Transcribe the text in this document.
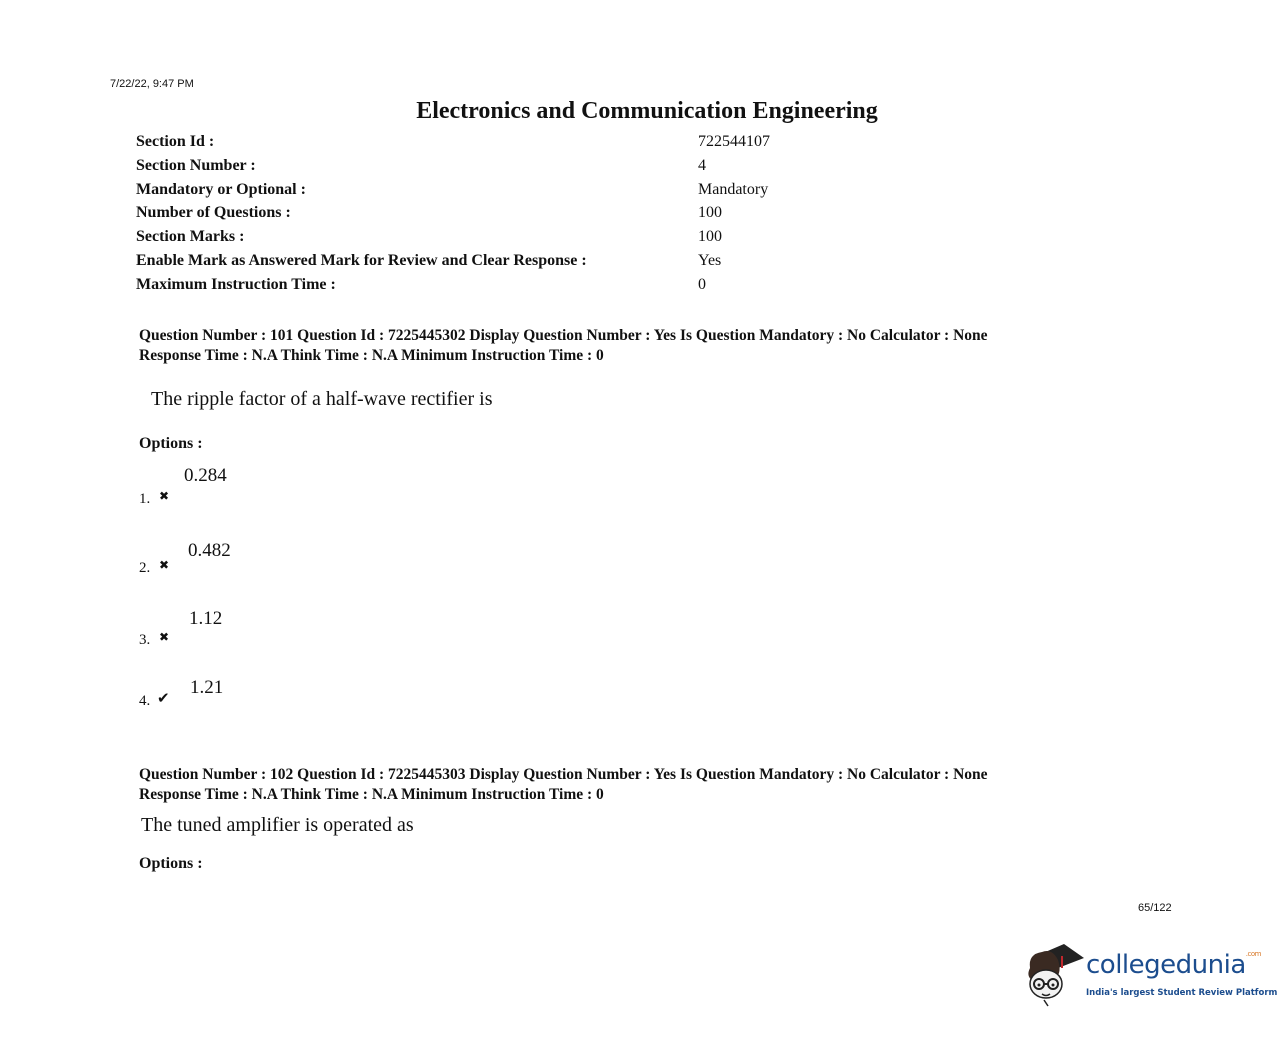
7/22/22, 9:47 PM
Electronics and Communication Engineering
Section Id :	722544107
Section Number :	4
Mandatory or Optional :	Mandatory
Number of Questions :	100
Section Marks :	100
Enable Mark as Answered Mark for Review and Clear Response :	Yes
Maximum Instruction Time :	0
Question Number : 101 Question Id : 7225445302 Display Question Number : Yes Is Question Mandatory : No Calculator : None
Response Time : N.A Think Time : N.A Minimum Instruction Time : 0
The ripple factor of a half-wave rectifier is
Options :
1. ✖
0.284
2. ✖
0.482
3. ✖
1.12
4. ✔ 1.21
Question Number : 102 Question Id : 7225445303 Display Question Number : Yes Is Question Mandatory : No Calculator : None
Response Time : N.A Think Time : N.A Minimum Instruction Time : 0
The tuned amplifier is operated as
Options :
65/122
collegedunia$^{.com}$
India's largest Student Review Platform
